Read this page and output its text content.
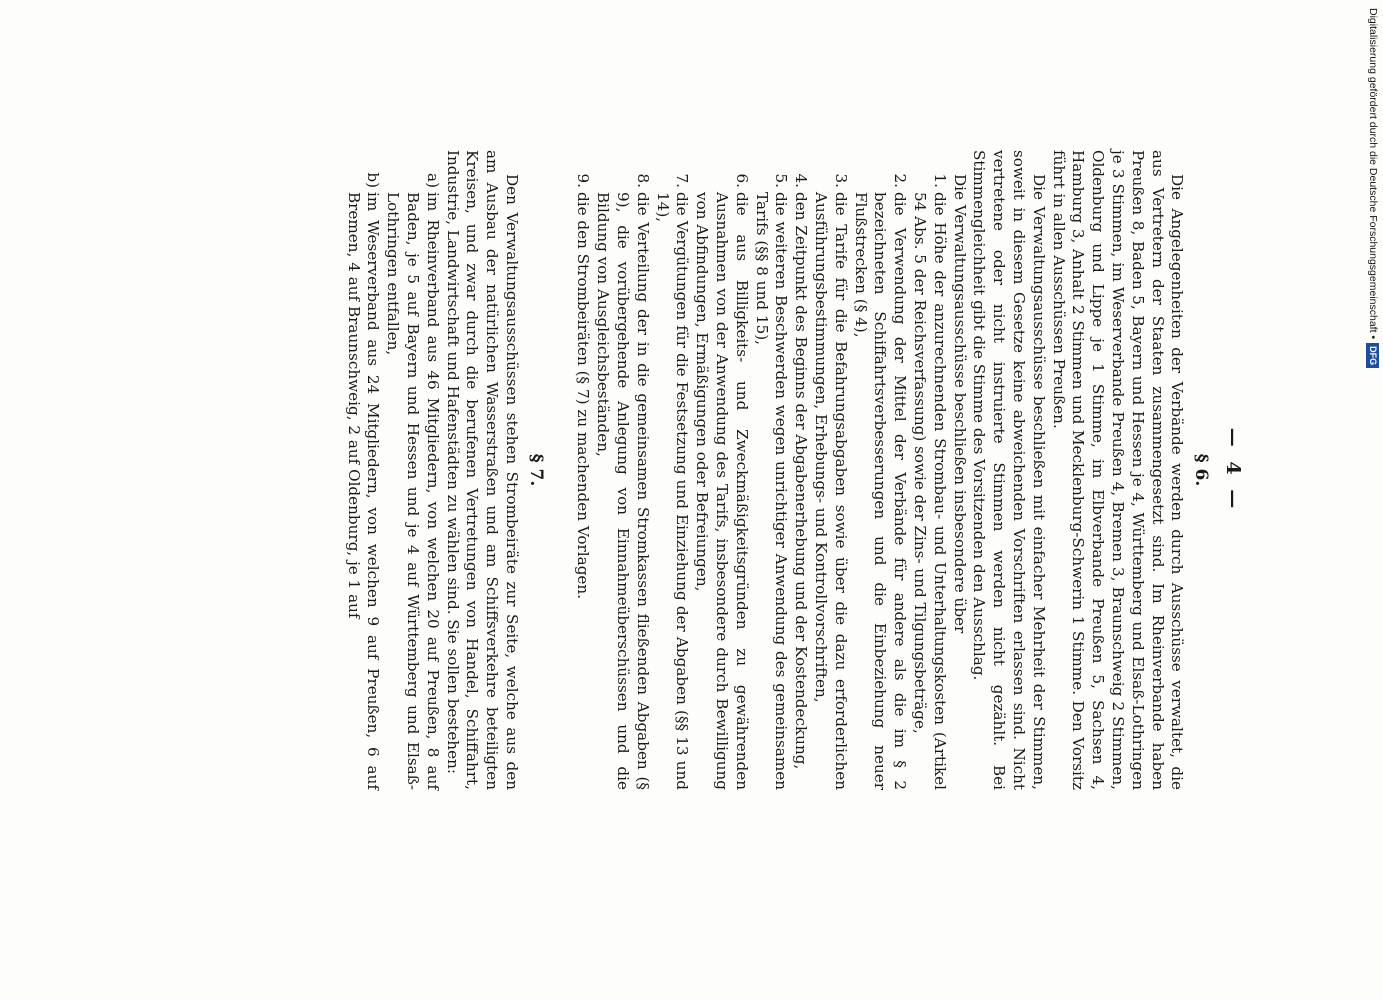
— 4 —
§ 6.

Die Angelegenheiten der Verbände werden durch Ausschüsse verwaltet, die aus Vertretern der Staaten zusammengesetzt sind. Im Rheinverbande haben Preußen 8, Baden 5, Bayern und Hessen je 4, Württemberg und Elsaß-Lothringen je 3 Stimmen, im Weserverbande Preußen 4, Bremen 3, Braunschweig 2 Stimmen, Oldenburg und Lippe je 1 Stimme, im Elbverbande Preußen 5, Sachsen 4, Hamburg 3, Anhalt 2 Stimmen und Mecklenburg-Schwerin 1 Stimme. Den Vorsitz führt in allen Ausschüssen Preußen.

Die Verwaltungsausschüsse beschließen mit einfacher Mehrheit der Stimmen, soweit in diesem Gesetze keine abweichenden Vorschriften erlassen sind. Nicht vertretene oder nicht instruierte Stimmen werden nicht gezählt. Bei Stimmengleichheit gibt die Stimme des Vorsitzenden den Ausschlag.

Die Verwaltungsausschüsse beschließen insbesondere über

1.
die Höhe der anzurechnenden Strombau- und Unterhaltungskosten (Artikel 54 Abs. 5 der Reichsverfassung) sowie der Zins- und Tilgungsbeträge,
2.
die Verwendung der Mittel der Verbände für andere als die im § 2 bezeichneten Schiffahrtsverbesserungen und die Einbeziehung neuer Flußstrecken (§ 4),
3.
die Tarife für die Befahrungsabgaben sowie über die dazu erforderlichen Ausführungsbestimmungen, Erhebungs- und Kontrollvorschriften,
4.
den Zeitpunkt des Beginns der Abgabenerhebung und der Kostendeckung,
5.
die weiteren Beschwerden wegen unrichtiger Anwendung des gemeinsamen Tarifs (§§ 8 und 15),
6.
die aus Billigkeits- und Zweckmäßigkeitsgründen zu gewährenden Ausnahmen von der Anwendung des Tarifs, insbesondere durch Bewilligung von Abfindungen, Ermäßigungen oder Befreiungen,
7.
die Vergütungen für die Festsetzung und Einziehung der Abgaben (§§ 13 und 14),
8.
die Verteilung der in die gemeinsamen Stromkassen fließenden Abgaben (§ 9), die vorübergehende Anlegung von Einnahmeüberschüssen und die Bildung von Ausgleichsbeständen,
9.
die den Strombeiräten (§ 7) zu machenden Vorlagen.
§ 7.

Den Verwaltungsausschüssen stehen Strombeiräte zur Seite, welche aus den am Ausbau der natürlichen Wasserstraßen und am Schiffsverkehre beteiligten Kreisen, und zwar durch die berufenen Vertretungen von Handel, Schiffahrt, Industrie, Landwirtschaft und Hafenstädten zu wählen sind. Sie sollen bestehen:

a)
im Rheinverband aus 46 Mitgliedern, von welchen 20 auf Preußen, 8 auf Baden, je 5 auf Bayern und Hessen und je 4 auf Württemberg und Elsaß-Lothringen entfallen,
b)
im Weserverband aus 24 Mitgliedern, von welchen 9 auf Preußen, 6 auf Bremen, 4 auf Braunschweig, 2 auf Oldenburg, je 1 auf
Digitalisierung gefördert durch die Deutsche Forschungsgemeinschaft •
DFG
